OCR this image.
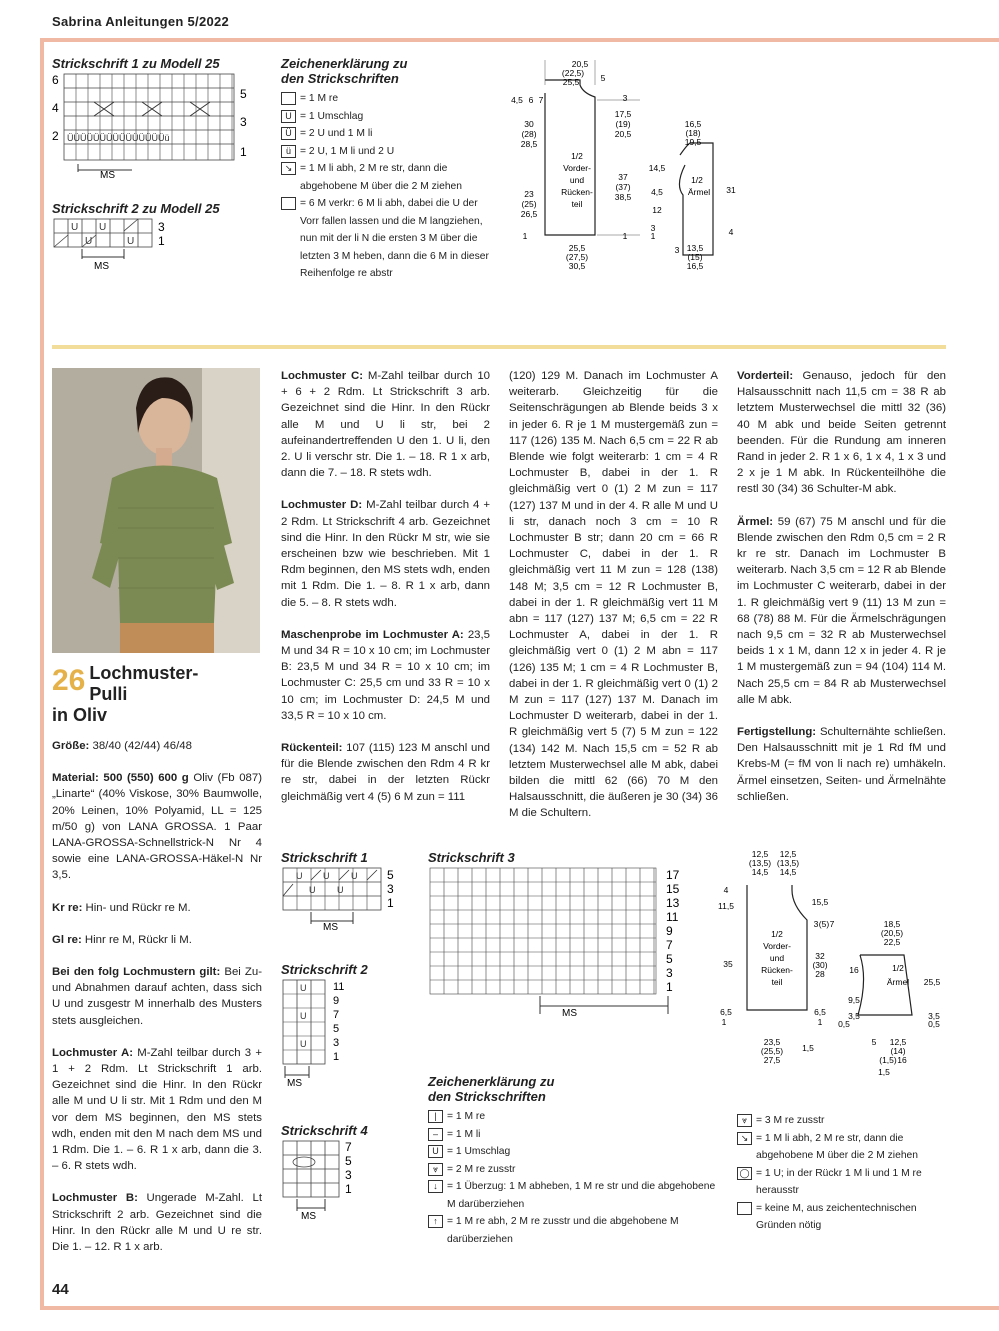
Sabrina Anleitungen 5/2022
Strickschrift 1 zu Modell 25
6
4
2
5
3
1
ÜÜÜÜÜÜÜÜÜÜÜÜÜÜÜü
MS
Strickschrift 2 zu Modell 25
U U
U
U
3
1
MS
Zeichenerklärung zu
den Strickschriften
= 1 M re
U = 1 Umschlag
Ü = 2 U und 1 M li
ü = 2 U, 1 M li und 2 U
↘ = 1 M li abh, 2 M re str, dann die abgehobene M über die 2 M ziehen
= 6 M verkr: 6 M li abh, dabei die U der Vorr fallen lassen und die M langziehen, nun mit der li N die ersten 3 M über die letzten 3 M heben, dann die 6 M in dieser Reihenfolge re abstr
20,5
(22,5)
25,5	5
4,5 6 7	3
30
(28)
28,5
17,5
(19)
20,5
1/2
Vorder-
und
Rücken-
teil
37
(37)
38,5
23
(25)
26,5
1
25,5
(27,5)
30,5
1
16,5
(18)
19,5
14,5
4,5
12
1/2
Ärmel 31
3
1	4
3 13,5
(15)
16,5
26 Lochmuster-Pulli
in Oliv

Größe: 38/40 (42/44) 46/48

Material: 500 (550) 600 g Oliv (Fb 087) „Linarte“ (40% Viskose, 30% Baumwolle, 20% Leinen, 10% Polyamid, LL = 125 m/50 g) von LANA GROSSA. 1 Paar LANA-GROSSA-Schnellstrick-N Nr 4 sowie eine LANA-GROSSA-Häkel-N Nr 3,5.

Kr re: Hin- und Rückr re M.

Gl re: Hinr re M, Rückr li M.

Bei den folg Lochmustern gilt: Bei Zu- und Abnahmen darauf achten, dass sich U und zusgestr M innerhalb des Musters stets ausgleichen.

Lochmuster A: M-Zahl teilbar durch 3 + 1 + 2 Rdm. Lt Strickschrift 1 arb. Gezeichnet sind die Hinr. In den Rückr alle M und U li str. Mit 1 Rdm und den M vor dem MS beginnen, den MS stets wdh, enden mit den M nach dem MS und 1 Rdm. Die 1. – 6. R 1 x arb, dann die 3. – 6. R stets wdh.

Lochmuster B: Ungerade M-Zahl. Lt Strickschrift 2 arb. Gezeichnet sind die Hinr. In den Rückr alle M und U re str. Die 1. – 12. R 1 x arb.

Lochmuster C: M-Zahl teilbar durch 10 + 6 + 2 Rdm. Lt Strickschrift 3 arb. Gezeichnet sind die Hinr. In den Rückr alle M und U li str, bei 2 aufeinandertreffenden U den 1. U li, den 2. U li verschr str. Die 1. – 18. R 1 x arb, dann die 7. – 18. R stets wdh.

Lochmuster D: M-Zahl teilbar durch 4 + 2 Rdm. Lt Strickschrift 4 arb. Gezeichnet sind die Hinr. In den Rückr M str, wie sie erscheinen bzw wie beschrieben. Mit 1 Rdm beginnen, den MS stets wdh, enden mit 1 Rdm. Die 1. – 8. R 1 x arb, dann die 5. – 8. R stets wdh.

Maschenprobe im Lochmuster A: 23,5 M und 34 R = 10 x 10 cm; im Lochmuster B: 23,5 M und 34 R = 10 x 10 cm; im Lochmuster C: 25,5 cm und 33 R = 10 x 10 cm; im Lochmuster D: 24,5 M und 33,5 R = 10 x 10 cm.

Rückenteil: 107 (115) 123 M anschl und für die Blende zwischen den Rdm 4 R kr re str, dabei in der letzten Rückr gleichmäßig vert 4 (5) 6 M zun = 111

(120) 129 M. Danach im Lochmuster A weiterarb. Gleichzeitig für die Seitenschrägungen ab Blende beids 3 x in jeder 6. R je 1 M mustergemäß zun = 117 (126) 135 M. Nach 6,5 cm = 22 R ab Blende wie folgt weiterarb: 1 cm = 4 R Lochmuster B, dabei in der 1. R gleichmäßig vert 0 (1) 2 M zun = 117 (127) 137 M und in der 4. R alle M und U li str, danach noch 3 cm = 10 R Lochmuster B str; dann 20 cm = 66 R Lochmuster C, dabei in der 1. R gleichmäßig vert 11 M zun = 128 (138) 148 M; 3,5 cm = 12 R Lochmuster B, dabei in der 1. R gleichmäßig vert 11 M abn = 117 (127) 137 M; 6,5 cm = 22 R Lochmuster A, dabei in der 1. R gleichmäßig vert 0 (1) 2 M abn = 117 (126) 135 M; 1 cm = 4 R Lochmuster B, dabei in der 1. R gleichmäßig vert 0 (1) 2 M zun = 117 (127) 137 M. Danach im Lochmuster D weiterarb, dabei in der 1. R gleichmäßig vert 5 (7) 5 M zun = 122 (134) 142 M. Nach 15,5 cm = 52 R ab letztem Musterwechsel alle M abk, dabei bilden die mittl 62 (66) 70 M den Halsausschnitt, die äußeren je 30 (34) 36 M die Schultern.

Vorderteil: Genauso, jedoch für den Halsausschnitt nach 11,5 cm = 38 R ab letztem Musterwechsel die mittl 32 (36) 40 M abk und beide Seiten getrennt beenden. Für die Rundung am inneren Rand in jeder 2. R 1 x 6, 1 x 4, 1 x 3 und 2 x je 1 M abk. In Rückenteilhöhe die restl 30 (34) 36 Schulter-M abk.

Ärmel: 59 (67) 75 M anschl und für die Blende zwischen den Rdm 0,5 cm = 2 R kr re str. Danach im Lochmuster B weiterarb. Nach 3,5 cm = 12 R ab Blende im Lochmuster C weiterarb, dabei in der 1. R gleichmäßig vert 9 (11) 13 M zun = 68 (78) 88 M. Für die Ärmelschrägungen nach 9,5 cm = 32 R ab Musterwechsel beids 1 x 1 M, dann 12 x in jeder 4. R je 1 M mustergemäß zun = 94 (104) 114 M. Nach 25,5 cm = 84 R ab Musterwechsel alle M abk.

Fertigstellung: Schulternähte schließen. Den Halsausschnitt mit je 1 Rd fM und Krebs-M (= fM von li nach re) umhäkeln. Ärmel einsetzen, Seiten- und Ärmelnähte schließen.

Strickschrift 1
U U U
U U
5
3
1
MS
Strickschrift 2
U
U
U
11
9
7
5
3
1
MS
Strickschrift 4
7
5
3
1
MS
Strickschrift 3
17
15
13
11
9
7
5
3
1
MS
12,5
(13,5)
14,5
12,5
(13,5)
14,5
4
11,5	15,5
3 (5) 7
1/2
Vorder-
und
Rücken-
teil
35
32
(30)
28
6,5
1
6,5
1
23,5
(25,5)
27,5
1,5
18,5
(20,5)
22,5
16	1/2
Ärmel 25,5
9,5
3,5
0,5
3,5
0,5
5 12,5
(14)
(1,5) 16
1,5
Zeichenerklärung zu
den Strickschriften
|	= 1 M re
– = 1 M li
U = 1 Umschlag
⩔ = 2 M re zusstr
↓ = 1 Überzug: 1 M abheben, 1 M re str und die abgehobene M darüberziehen
↑ = 1 M re abh, 2 M re zusstr und die abgehobene M darüberziehen
⩔ = 3 M re zusstr
↘ = 1 M li abh, 2 M re str, dann die abgehobene M über die 2 M ziehen
◯ = 1 U; in der Rückr 1 M li und 1 M re herausstr
= keine M, aus zeichentechnischen Gründen nötig
44
